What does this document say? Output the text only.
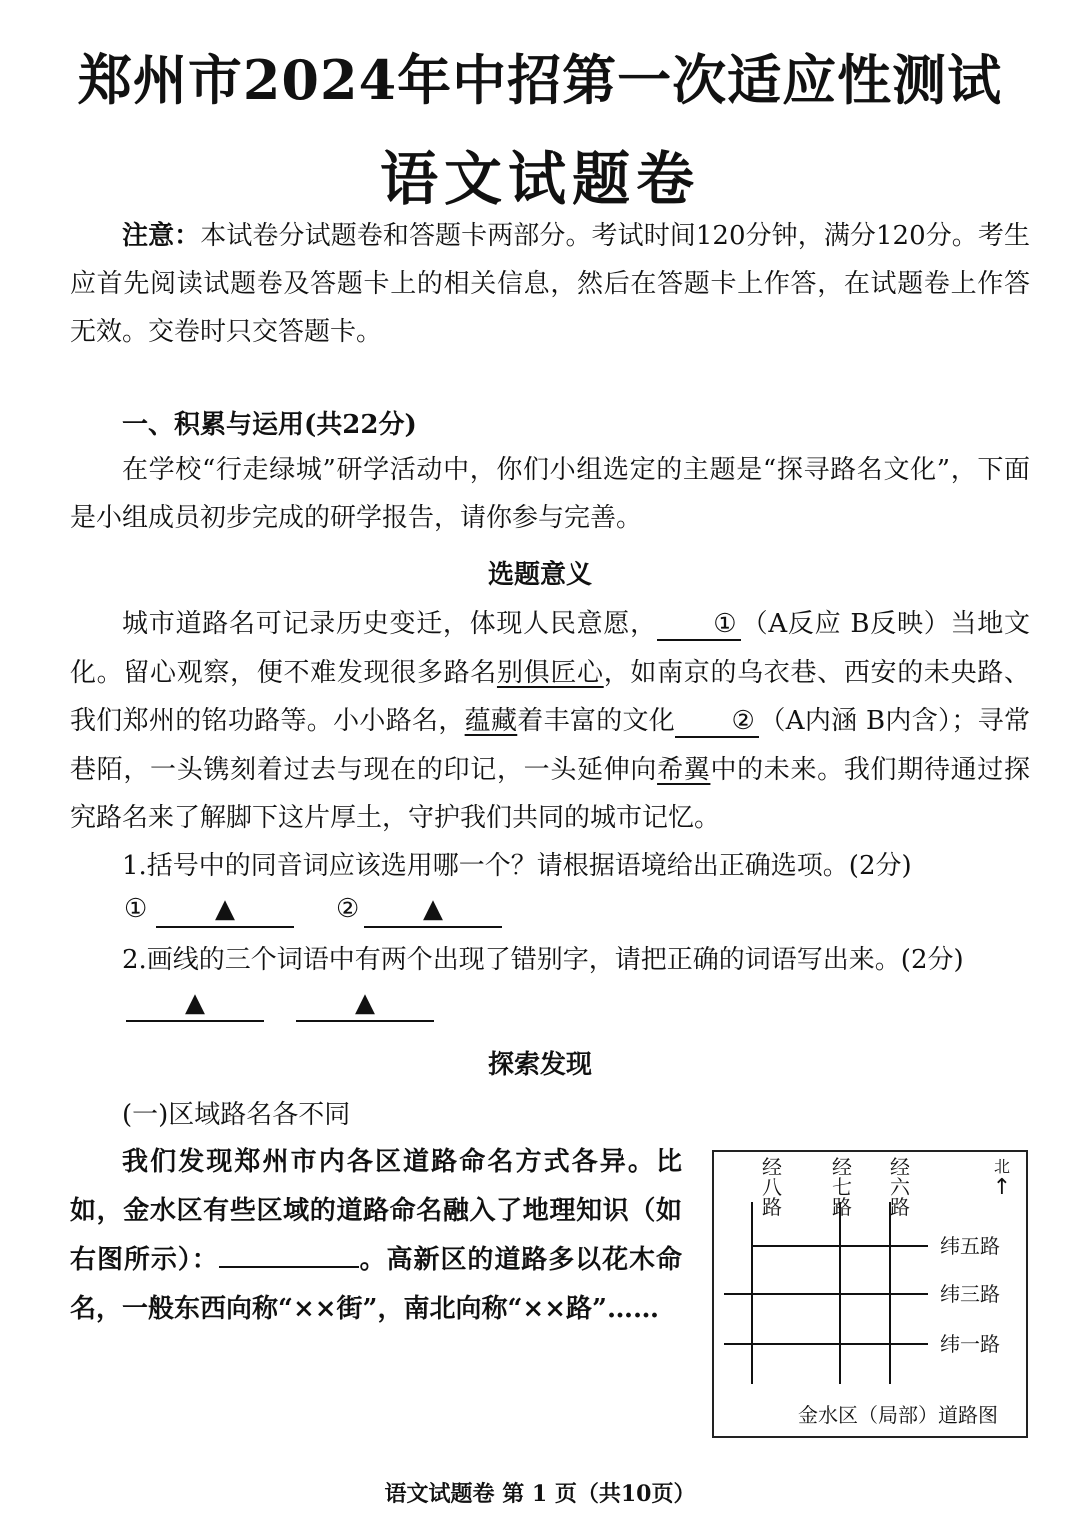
郑州市2024年中招第一次适应性测试
语文试题卷
注意：本试卷分试题卷和答题卡两部分。考试时间120分钟，满分120分。考生应首先阅读试题卷及答题卡上的相关信息，然后在答题卡上作答，在试题卷上作答无效。交卷时只交答题卡。
一、积累与运用(共22分)
在学校“行走绿城”研学活动中，你们小组选定的主题是“探寻路名文化”，下面是小组成员初步完成的研学报告，请你参与完善。
选题意义
城市道路名可记录历史变迁，体现人民意愿， ① （A反应 B反映）当地文化。留心观察，便不难发现很多路名别俱匠心，如南京的乌衣巷、西安的未央路、我们郑州的铭功路等。小小路名，蕴藏着丰富的文化 ② （A内涵 B内含）；寻常巷陌，一头镌刻着过去与现在的印记，一头延伸向希翼中的未来。我们期待通过探究路名来了解脚下这片厚土，守护我们共同的城市记忆。
1.括号中的同音词应该选用哪一个？请根据语境给出正确选项。(2分)
①	▲	②	▲
2.画线的三个词语中有两个出现了错别字，请把正确的词语写出来。(2分)
▲	▲
探索发现
(一)区域路名各不同
我们发现郑州市内各区道路命名方式各异。比如，金水区有些区域的道路命名融入了地理知识（如右图所示）：	。高新区的道路多以花木命名，一般东西向称“××街”，南北向称“××路”……
经
八
路
经
七
路
经
六
路
北
↑
纬五路
纬三路
纬一路
金水区（局部）道路图
语文试题卷 第 1 页（共10页）
